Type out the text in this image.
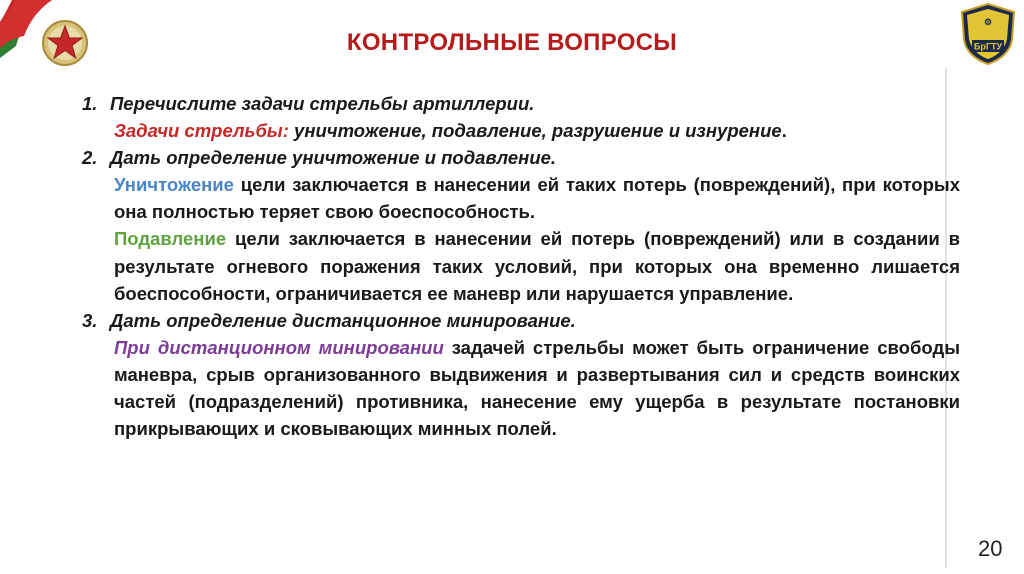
⚙
БрГТУ
КОНТРОЛЬНЫЕ ВОПРОСЫ
1. Перечислите задачи стрельбы артиллерии.
Задачи стрельбы: уничтожение, подавление, разрушение и изнурение.
2. Дать определение уничтожение и подавление.
Уничтожение цели заключается в нанесении ей таких потерь (повреждений), при которых она полностью теряет свою боеспособность.
Подавление цели заключается в нанесении ей потерь (повреждений) или в создании в результате огневого поражения таких условий, при которых она временно лишается боеспособности, ограничивается ее маневр или нарушается управление.
3. Дать определение дистанционное минирование.
При дистанционном минировании задачей стрельбы может быть ограничение свободы маневра, срыв организованного выдвижения и развертывания сил и средств воинских частей (подразделений) противника, нанесение ему ущерба в результате постановки прикрывающих и сковывающих минных полей.
20
